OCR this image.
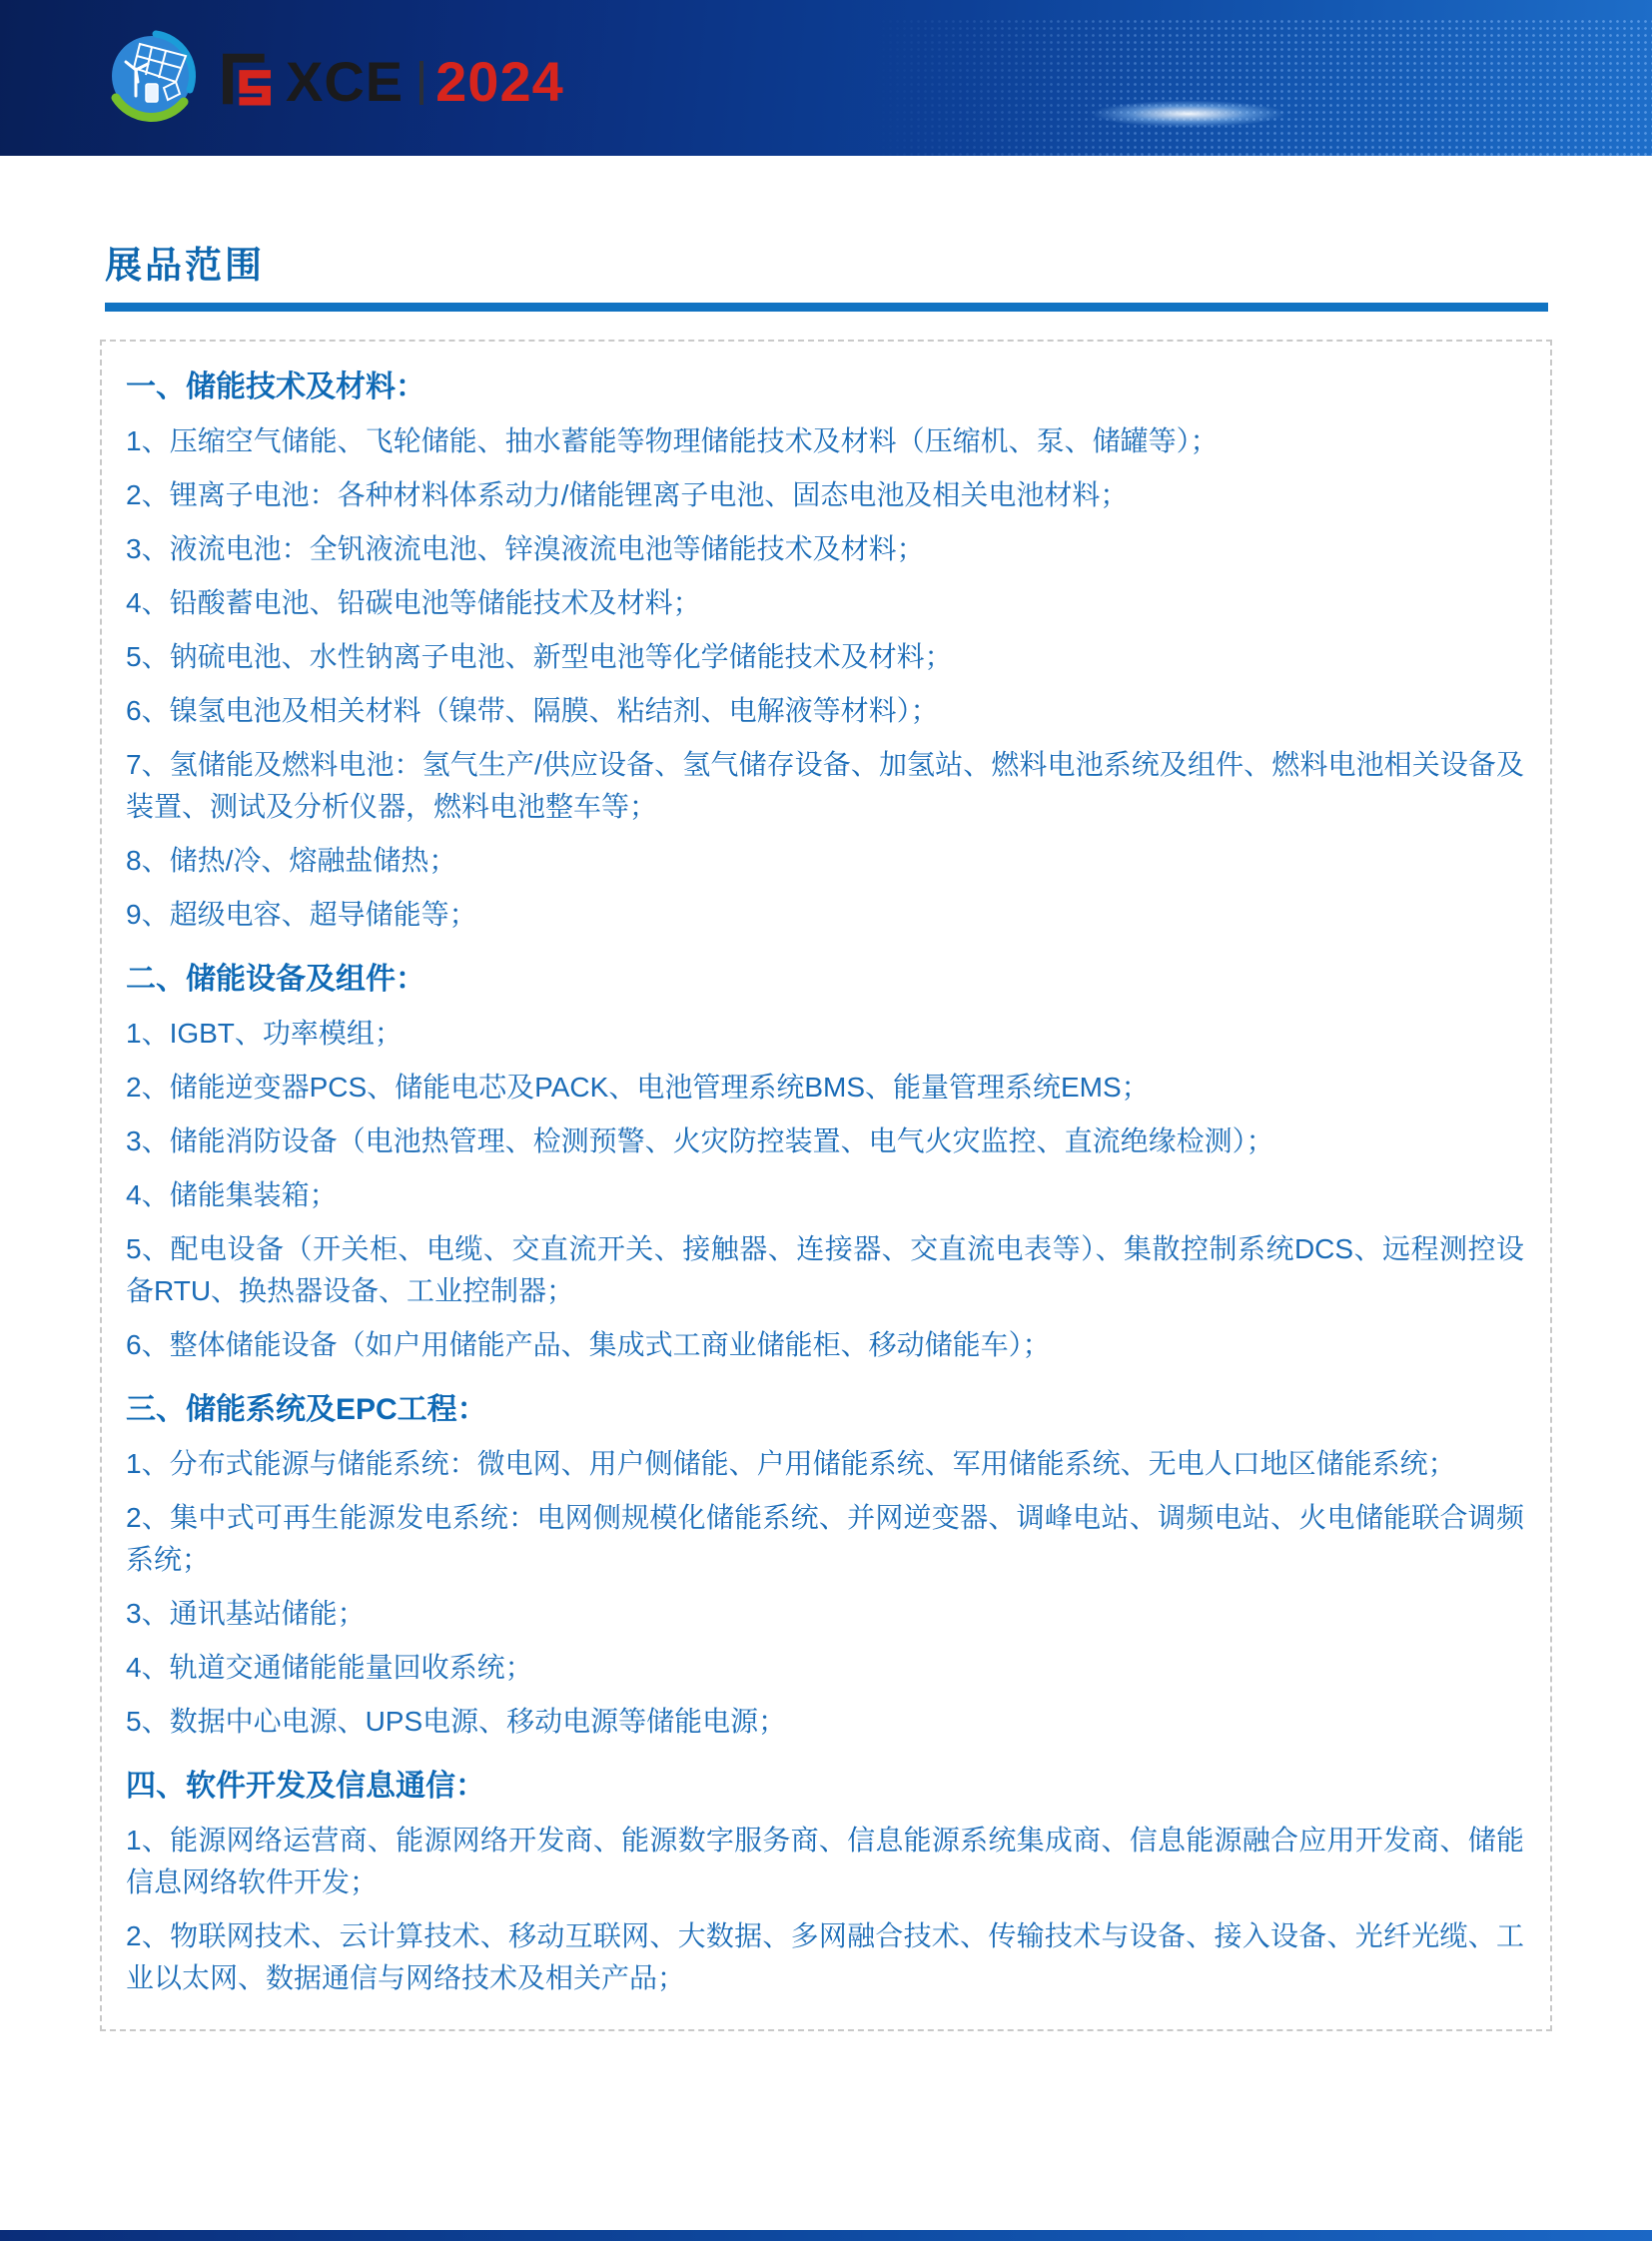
XCE 2024
展品范围
一、储能技术及材料：

1、压缩空气储能、飞轮储能、抽水蓄能等物理储能技术及材料（压缩机、泵、储罐等）；

2、锂离子电池：各种材料体系动力/储能锂离子电池、固态电池及相关电池材料；

3、液流电池：全钒液流电池、锌溴液流电池等储能技术及材料；

4、铅酸蓄电池、铅碳电池等储能技术及材料；

5、钠硫电池、水性钠离子电池、新型电池等化学储能技术及材料；

6、镍氢电池及相关材料（镍带、隔膜、粘结剂、电解液等材料）；

7、氢储能及燃料电池：氢气生产/供应设备、氢气储存设备、加氢站、燃料电池系统及组件、燃料电池相关设备及装置、测试及分析仪器，燃料电池整车等；

8、储热/冷、熔融盐储热；

9、超级电容、超导储能等；

二、储能设备及组件：

1、IGBT、功率模组；

2、储能逆变器PCS、储能电芯及PACK、电池管理系统BMS、能量管理系统EMS；

3、储能消防设备（电池热管理、检测预警、火灾防控装置、电气火灾监控、直流绝缘检测）；

4、储能集装箱；

5、配电设备（开关柜、电缆、交直流开关、接触器、连接器、交直流电表等）、集散控制系统DCS、远程测控设备RTU、换热器设备、工业控制器；

6、整体储能设备（如户用储能产品、集成式工商业储能柜、移动储能车）；

三、储能系统及EPC工程：

1、分布式能源与储能系统：微电网、用户侧储能、户用储能系统、军用储能系统、无电人口地区储能系统；

2、集中式可再生能源发电系统：电网侧规模化储能系统、并网逆变器、调峰电站、调频电站、火电储能联合调频系统；

3、通讯基站储能；

4、轨道交通储能能量回收系统；

5、数据中心电源、UPS电源、移动电源等储能电源；

四、软件开发及信息通信：

1、能源网络运营商、能源网络开发商、能源数字服务商、信息能源系统集成商、信息能源融合应用开发商、储能信息网络软件开发；

2、物联网技术、云计算技术、移动互联网、大数据、多网融合技术、传输技术与设备、接入设备、光纤光缆、工业以太网、数据通信与网络技术及相关产品；
